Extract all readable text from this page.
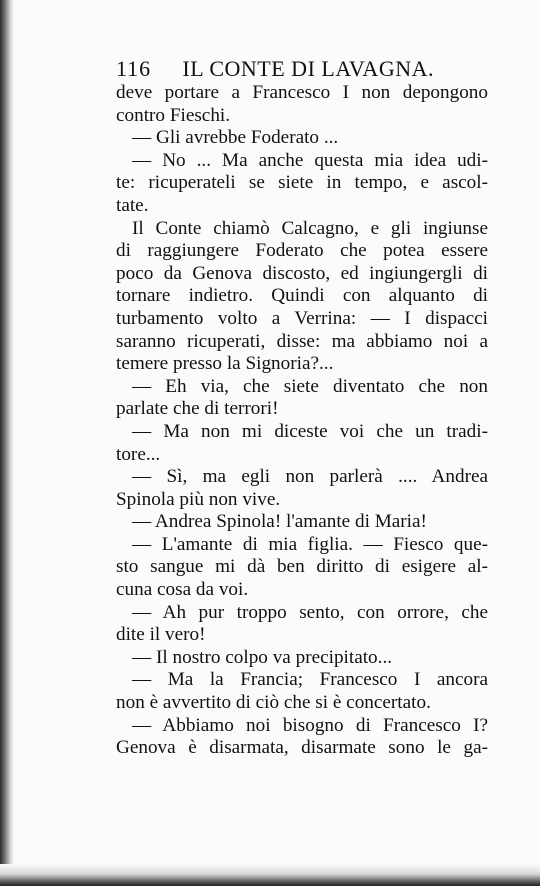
116 IL CONTE DI LAVAGNA.
deve portare a Francesco I non depongono
contro Fieschi.
— Gli avrebbe Foderato ...
— No ... Ma anche questa mia idea udi-
te: ricuperateli se siete in tempo, e ascol-
tate.
Il Conte chiamò Calcagno, e gli ingiunse
di raggiungere Foderato che potea essere
poco da Genova discosto, ed ingiungergli di
tornare indietro. Quindi con alquanto di
turbamento volto a Verrina: — I dispacci
saranno ricuperati, disse: ma abbiamo noi a
temere presso la Signoria?...
— Eh via, che siete diventato che non
parlate che di terrori!
— Ma non mi diceste voi che un tradi-
tore...
— Sì, ma egli non parlerà .... Andrea
Spinola più non vive.
— Andrea Spinola! l'amante di Maria!
— L'amante di mia figlia. — Fiesco que-
sto sangue mi dà ben diritto di esigere al-
cuna cosa da voi.
— Ah pur troppo sento, con orrore, che
dite il vero!
— Il nostro colpo va precipitato...
— Ma la Francia; Francesco I ancora
non è avvertito di ciò che si è concertato.
— Abbiamo noi bisogno di Francesco I?
Genova è disarmata, disarmate sono le ga-
